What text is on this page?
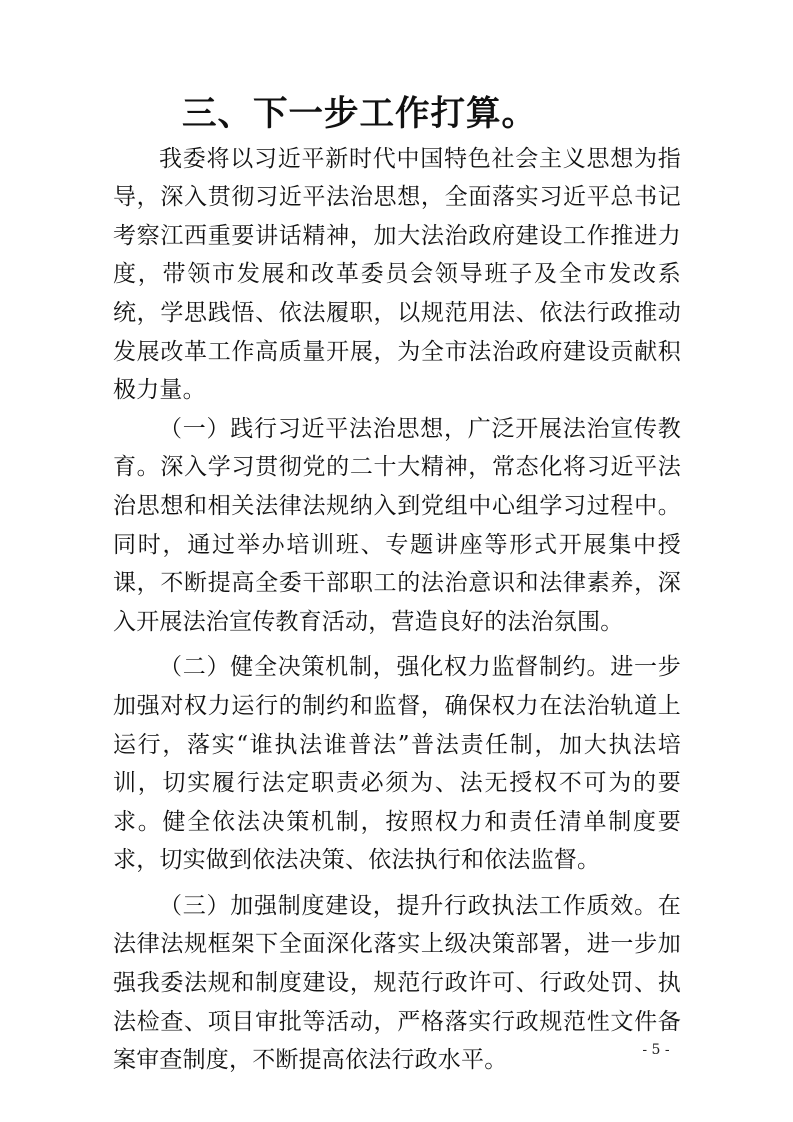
三、下一步工作打算。

我委将以习近平新时代中国特色社会主义思想为指导，深入贯彻习近平法治思想，全面落实习近平总书记考察江西重要讲话精神，加大法治政府建设工作推进力度，带领市发展和改革委员会领导班子及全市发改系统，学思践悟、依法履职，以规范用法、依法行政推动发展改革工作高质量开展，为全市法治政府建设贡献积极力量。

（一）践行习近平法治思想，广泛开展法治宣传教育。深入学习贯彻党的二十大精神，常态化将习近平法治思想和相关法律法规纳入到党组中心组学习过程中。同时，通过举办培训班、专题讲座等形式开展集中授课，不断提高全委干部职工的法治意识和法律素养，深入开展法治宣传教育活动，营造良好的法治氛围。

（二）健全决策机制，强化权力监督制约。进一步加强对权力运行的制约和监督，确保权力在法治轨道上运行，落实“谁执法谁普法”普法责任制，加大执法培训，切实履行法定职责必须为、法无授权不可为的要求。健全依法决策机制，按照权力和责任清单制度要求，切实做到依法决策、依法执行和依法监督。

（三）加强制度建设，提升行政执法工作质效。在法律法规框架下全面深化落实上级决策部署，进一步加强我委法规和制度建设，规范行政许可、行政处罚、执法检查、项目审批等活动，严格落实行政规范性文件备案审查制度，不断提高依法行政水平。	- 5 -
